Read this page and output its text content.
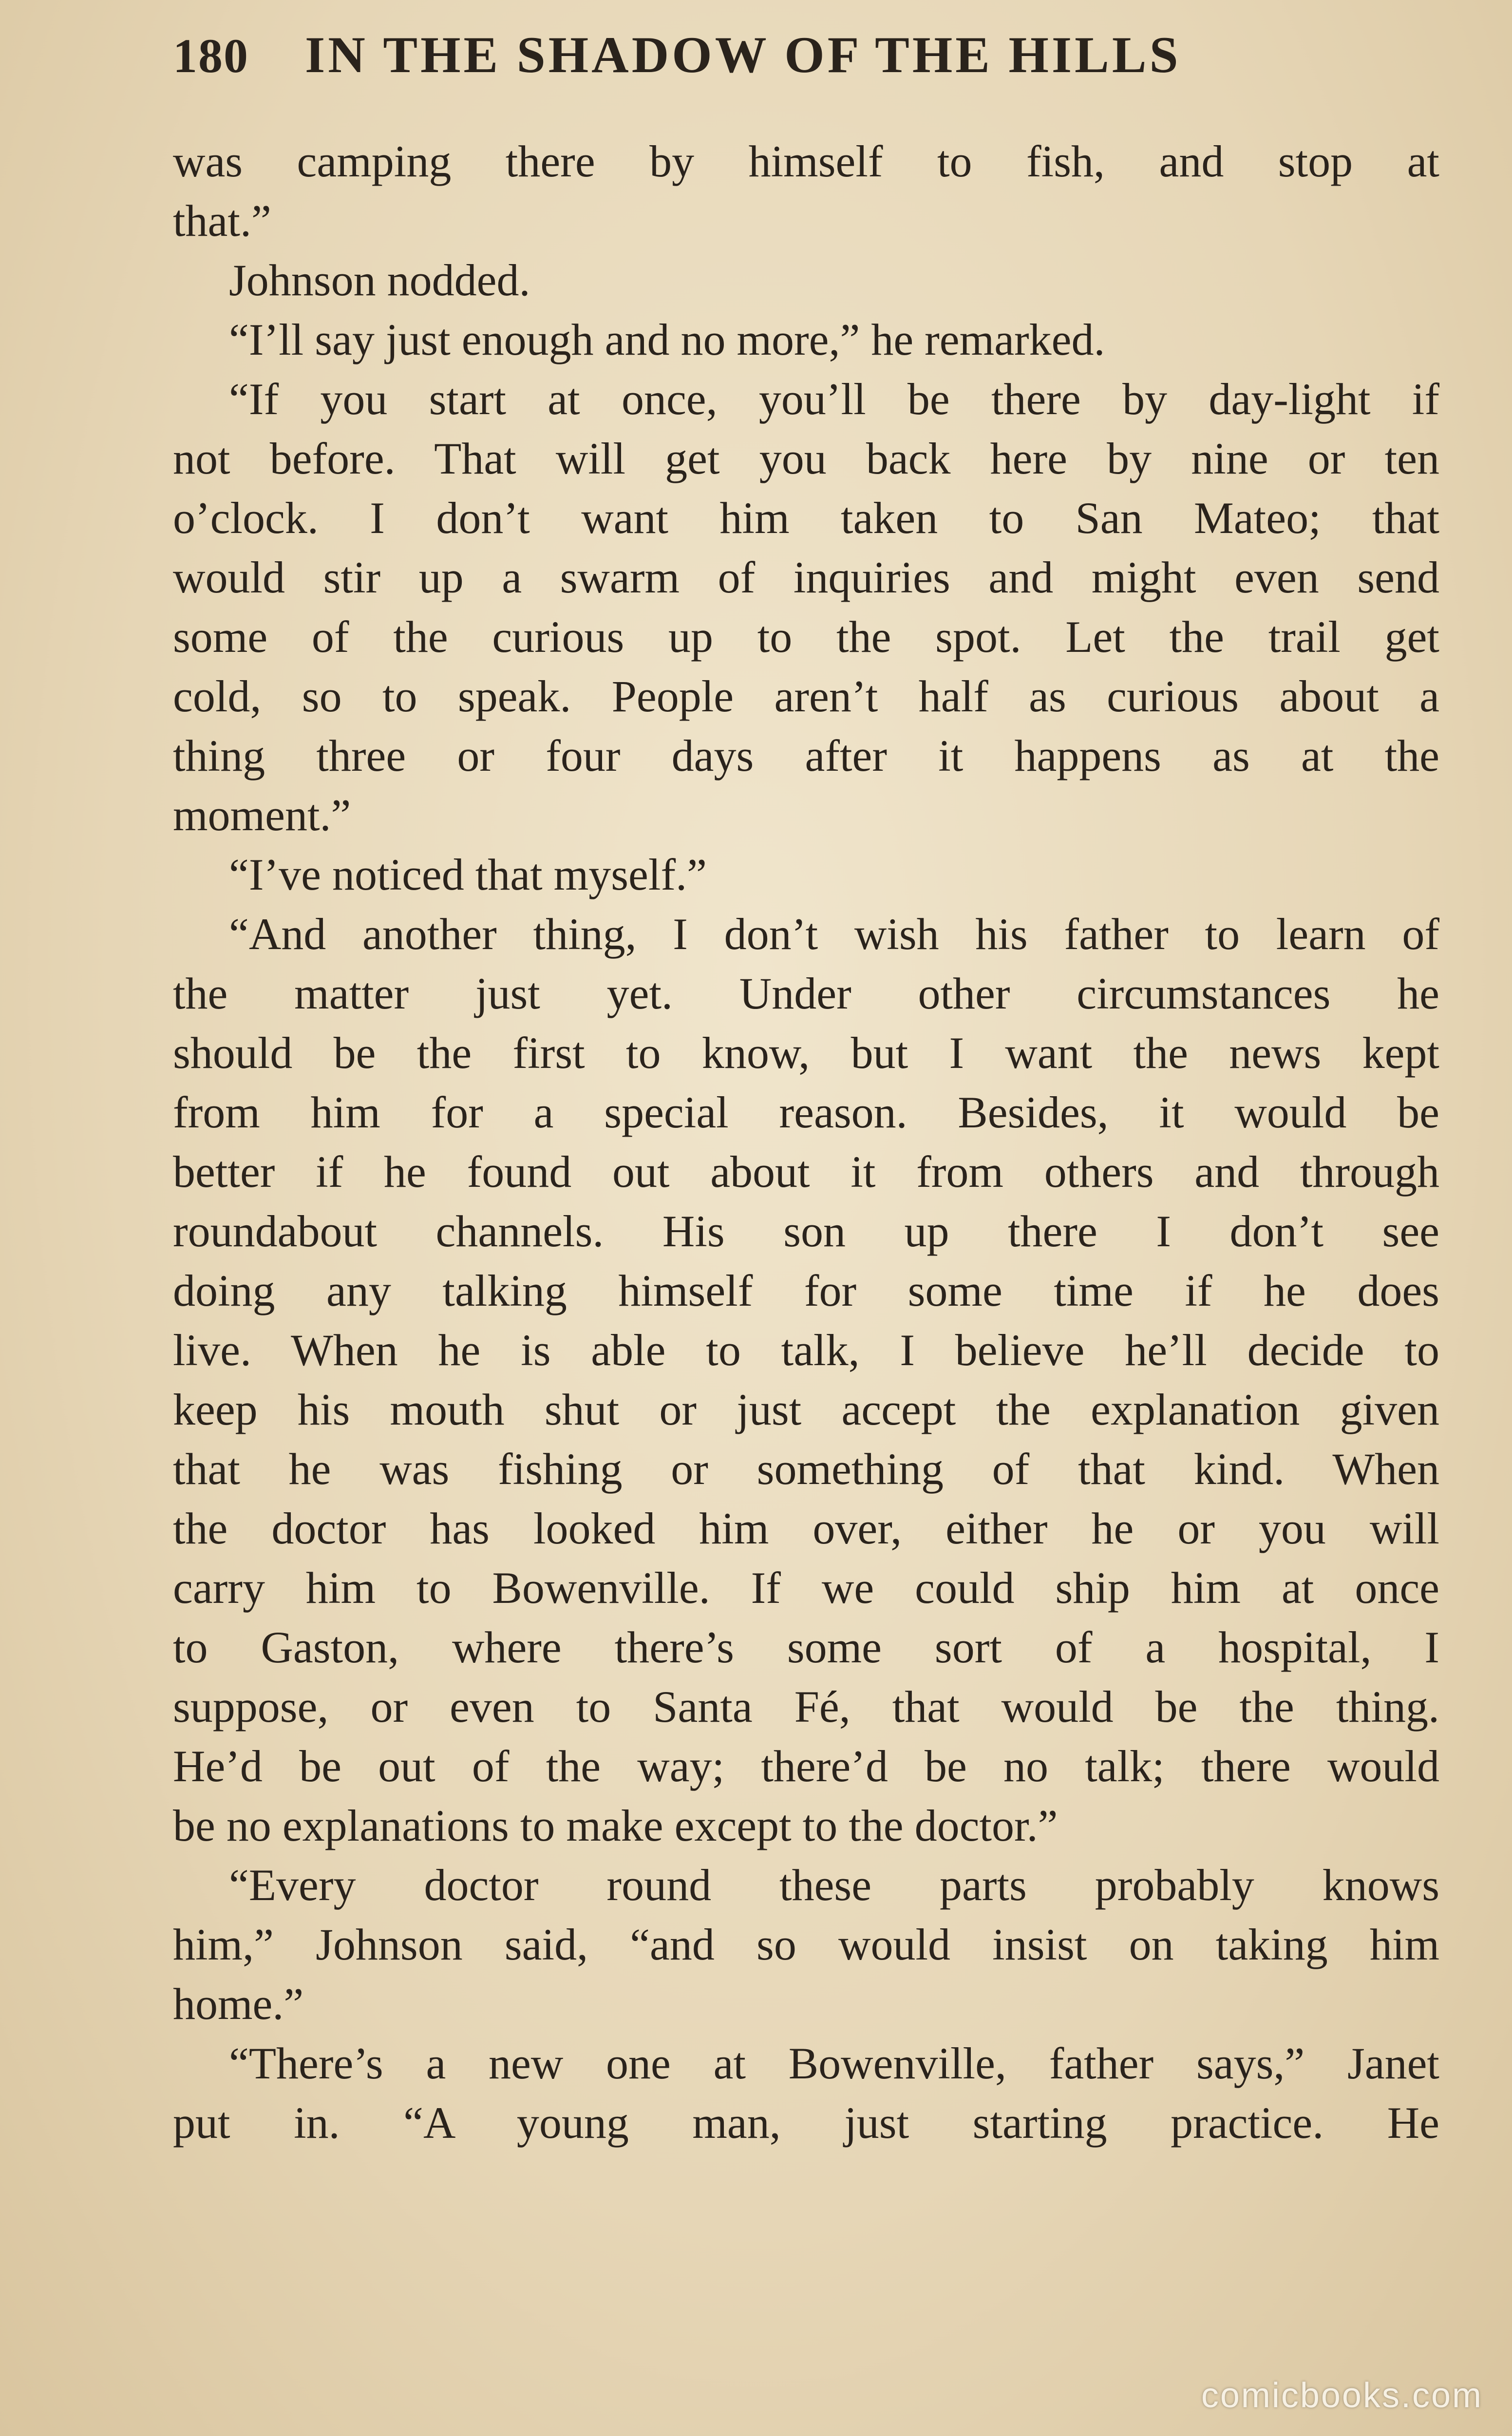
180 IN THE SHADOW OF THE HILLS
was camping there by himself to fish, and stop at
that.”
Johnson nodded.
“I’ll say just enough and no more,” he remarked.
“If you start at once, you’ll be there by day-light if
not before. That will get you back here by nine or ten
o’clock. I don’t want him taken to San Mateo; that
would stir up a swarm of inquiries and might even send
some of the curious up to the spot. Let the trail get
cold, so to speak. People aren’t half as curious about a
thing three or four days after it happens as at the
moment.”
“I’ve noticed that myself.”
“And another thing, I don’t wish his father to learn of
the matter just yet. Under other circumstances he
should be the first to know, but I want the news kept
from him for a special reason. Besides, it would be
better if he found out about it from others and through
roundabout channels. His son up there I don’t see
doing any talking himself for some time if he does
live. When he is able to talk, I believe he’ll decide to
keep his mouth shut or just accept the explanation given
that he was fishing or something of that kind. When
the doctor has looked him over, either he or you will
carry him to Bowenville. If we could ship him at once
to Gaston, where there’s some sort of a hospital, I
suppose, or even to Santa Fé, that would be the thing.
He’d be out of the way; there’d be no talk; there would
be no explanations to make except to the doctor.”
“Every doctor round these parts probably knows
him,” Johnson said, “and so would insist on taking him
home.”
“There’s a new one at Bowenville, father says,” Janet
put in. “A young man, just starting practice. He
comicbooks.com
